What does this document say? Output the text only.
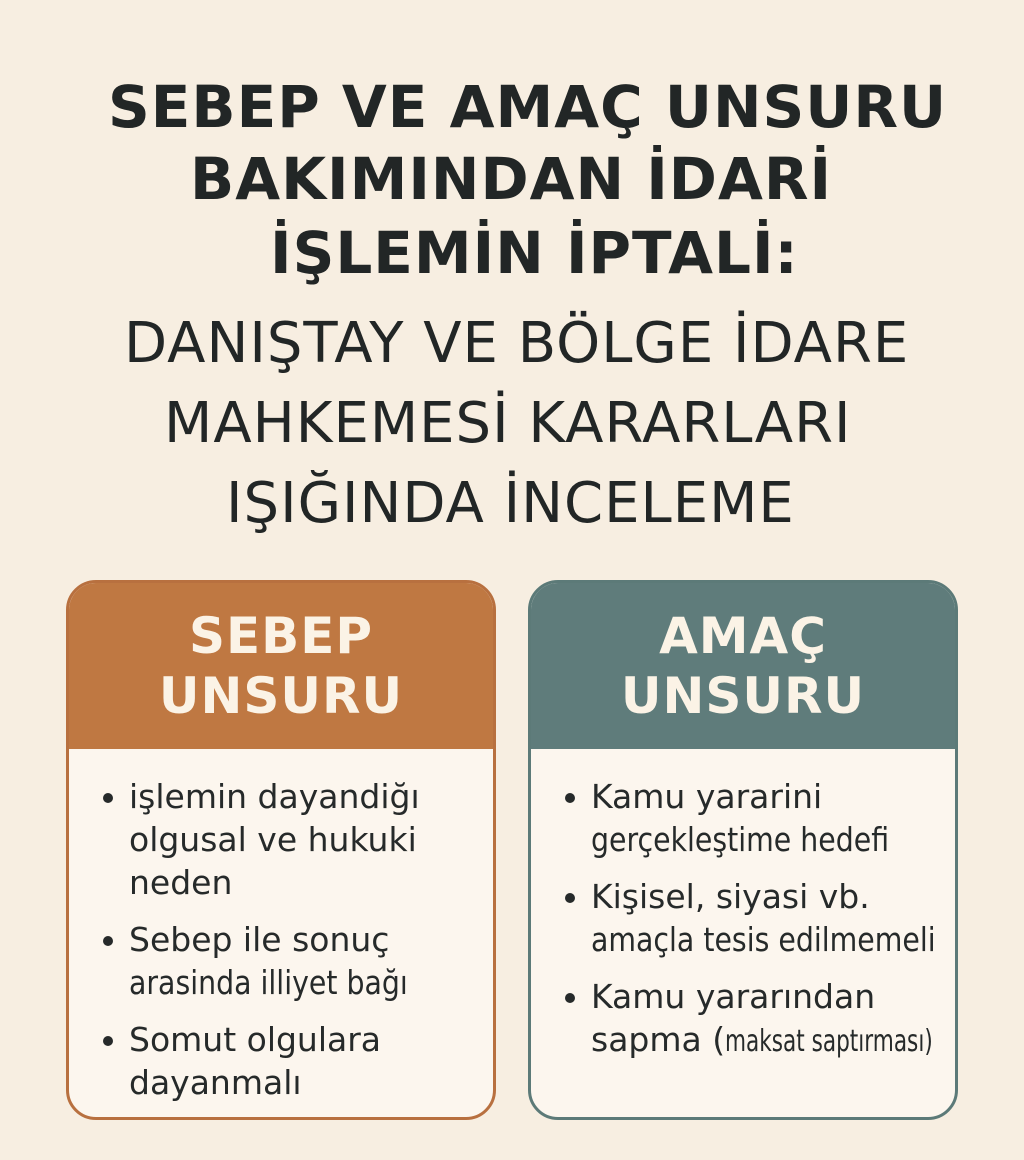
SEBEP VE AMAÇ UNSURU
BAKIMINDAN İDARİ
İŞLEMİN İPTALİ:
DANIŞTAY VE BÖLGE İDARE
MAHKEMESİ KARARLARI
IŞIĞINDA İNCELEME
SEBEP
UNSURU
işlemin dayandiğı
olgusal ve hukuki
neden
Sebep ile sonuç
arasinda illiyet bağı
Somut olgulara
dayanmalı
AMAÇ
UNSURU
Kamu yararini
gerçekleştime hedefi
Kişisel, siyasi vb.
amaçla tesis edilmemeli
Kamu yararından
sapma (maksat saptırması)
